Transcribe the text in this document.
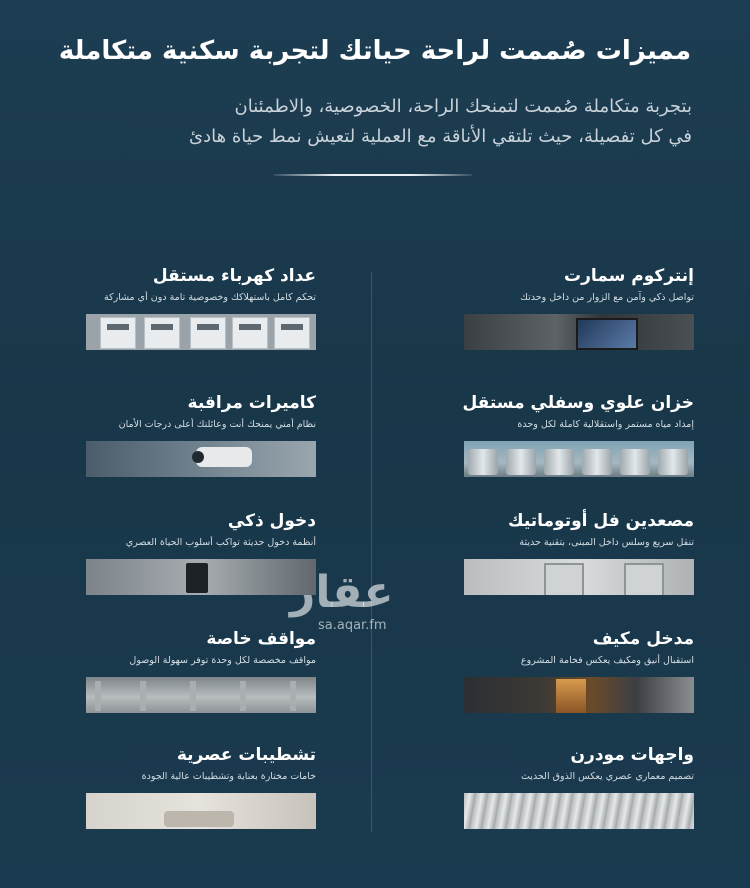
مميزات صُممت لراحة حياتك لتجربة سكنية متكاملة
بتجربة متكاملة صُممت لتمنحك الراحة، الخصوصية، والاطمئنان
في كل تفصيلة، حيث تلتقي الأناقة مع العملية لتعيش نمط حياة هادئ
إنتركوم سمارت
تواصل ذكي وآمن مع الزوار من داخل وحدتك
عداد كهرباء مستقل
تحكم كامل باستهلاكك وخصوصية تامة دون أي مشاركة
خزان علوي وسفلي مستقل
إمداد مياه مستمر واستقلالية كاملة لكل وحدة
كاميرات مراقبة
نظام أمني يمنحك أنت وعائلتك أعلى درجات الأمان
مصعدين فل أوتوماتيك
تنقل سريع وسلس داخل المبنى، بتقنية حديثة
دخول ذكي
أنظمة دخول حديثة تواكب أسلوب الحياة العصري
مدخل مكيف
استقبال أنيق ومكيف يعكس فخامة المشروع
مواقف خاصة
مواقف مخصصة لكل وحدة توفر سهولة الوصول
واجهات مودرن
تصميم معماري عصري يعكس الذوق الحديث
تشطيبات عصرية
خامات مختارة بعناية وتشطيبات عالية الجودة
عقار
sa.aqar.fm
